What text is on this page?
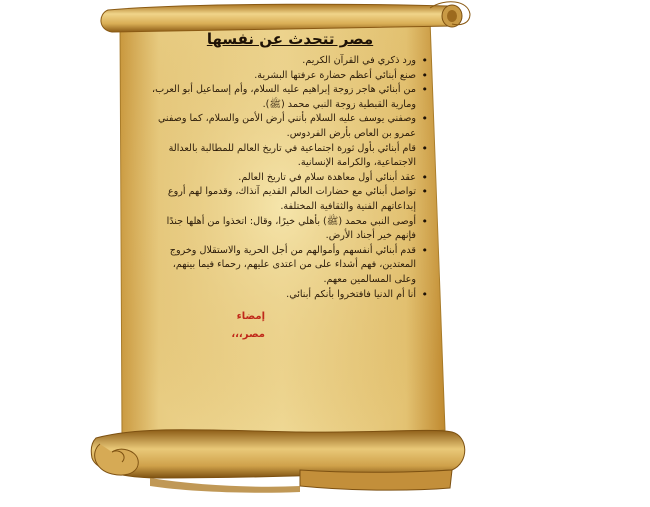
مصر تتحدث عن نفسها
• ورد ذكري في القرآن الكريم.
• صنع أبنائي أعظم حضارة عرفتها البشرية.
• من أبنائي هاجر زوجة إبراهيم عليه السلام، وأم إسماعيل أبو العرب، ومارية القبطية زوجة النبي محمد (ﷺ).
• وصفني يوسف عليه السلام بأنني أرض الأمن والسلام، كما وصفني عمرو بن العاص بأرض الفردوس.
• قام أبنائي بأول ثورة اجتماعية في تاريخ العالم للمطالبة بالعدالة الاجتماعية، والكرامة الإنسانية.
• عقد أبنائي أول معاهدة سلام في تاريخ العالم.
• تواصل أبنائي مع حضارات العالم القديم آنذاك، وقدموا لهم أروع إبداعاتهم الفنية والثقافية المختلفة.
• أوصى النبي محمد (ﷺ) بأهلي خيرًا، وقال: اتخذوا من أهلها جندًا فإنهم خير أجناد الأرض.
• قدم أبنائي أنفسهم وأموالهم من أجل الحرية والاستقلال وخروج المعتدين، فهم أشداء على من اعتدى عليهم، رحماء فيما بينهم، وعلى المسالمين معهم.
• أنا أم الدنيا فافتخروا بأنكم أبنائي.
إمضاء
مصر،،،
